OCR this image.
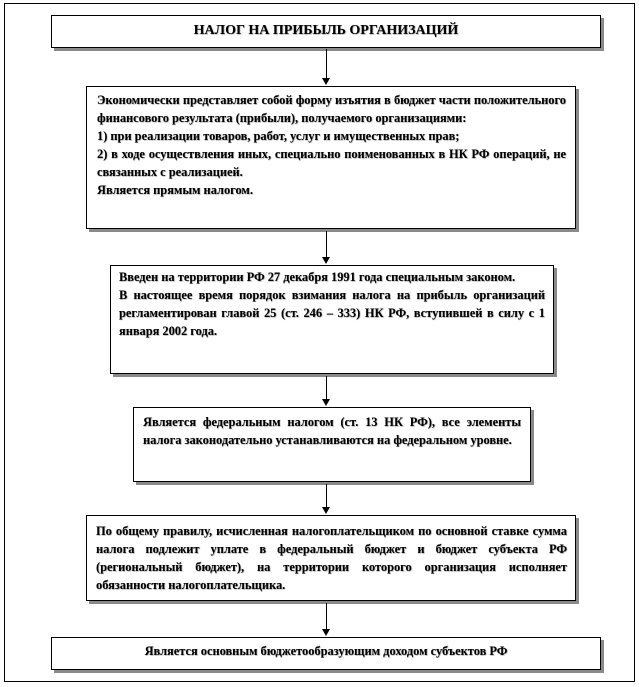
НАЛОГ НА ПРИБЫЛЬ ОРГАНИЗАЦИЙ

Экономически представляет собой форму изъятия в бюджет части положительного финансового результата (прибыли), получаемого организациями:

1) при реализации товаров, работ, услуг и имущественных прав;

2) в ходе осуществления иных, специально поименованных в НК РФ операций, не связанных с реализацией.

Является прямым налогом.

Введен на территории РФ 27 декабря 1991 года специальным законом.

В настоящее время порядок взимания налога на прибыль организаций регламентирован главой 25 (ст. 246 – 333) НК РФ, вступившей в силу с 1 января 2002 года.

Является федеральным налогом (ст. 13 НК РФ), все элементы налога законодательно устанавливаются на федеральном уровне.

По общему правилу, исчисленная налогоплательщиком по основной ставке сумма налога подлежит уплате в федеральный бюджет и бюджет субъекта РФ (региональный бюджет), на территории которого организация исполняет обязанности налогоплательщика.

Является основным бюджетообразующим доходом субъектов РФ
